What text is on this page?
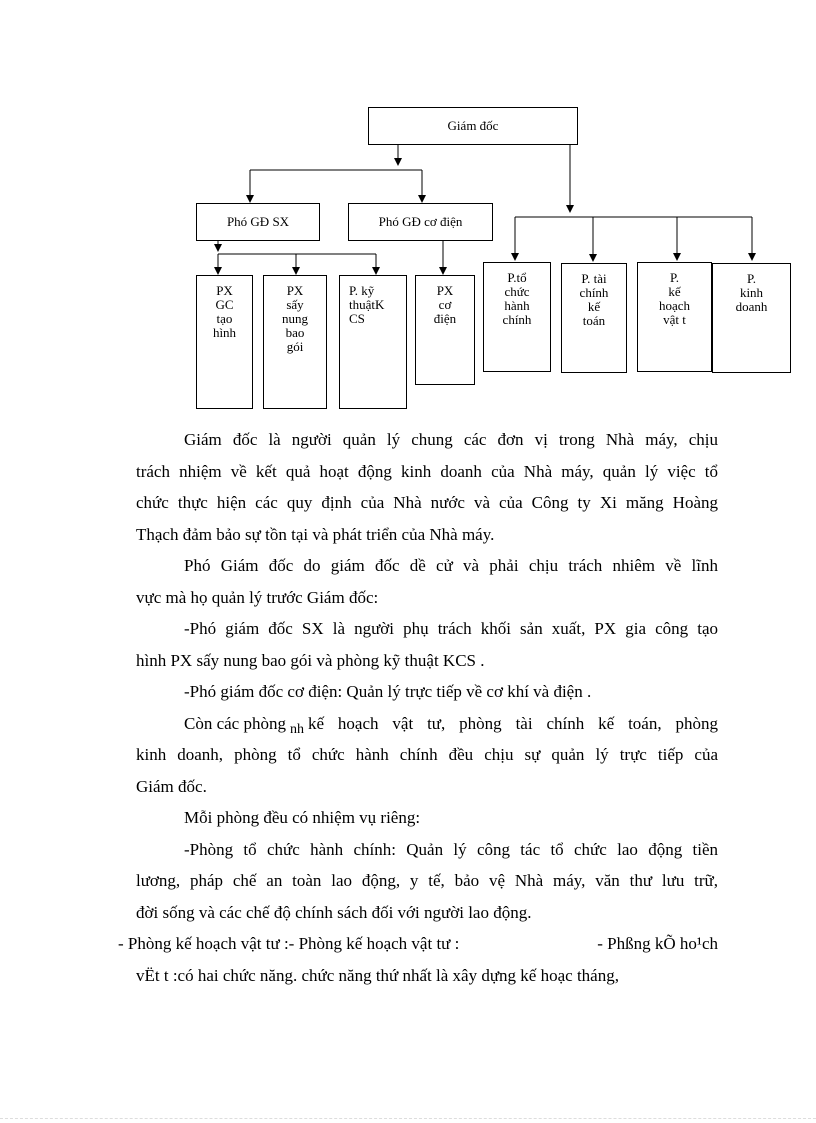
Giám đốc
Phó GĐ SX	Phó GĐ cơ điện
PX
GC
tạo
hình
PX
sấy
nung
bao
gói
P. kỹ
thuậtK
CS
PX
cơ
điện
P.tổ
chức
hành
chính
P. tài
chính
kế
toán
P.
kế
hoạch
vật t
P.
kinh
doanh
Giám đốc là người quản lý chung các đơn vị trong Nhà máy, chịu
trách nhiệm về kết quả hoạt động kinh doanh của Nhà máy, quản lý việc tổ
chức thực hiện các quy định của Nhà nước và của Công ty Xi măng Hoàng
Thạch đảm bảo sự tồn tại và phát triển của Nhà máy.
Phó Giám đốc do giám đốc dề cử và phải chịu trách nhiêm về lĩnh
vực mà họ quản lý trước Giám đốc:
-Phó giám đốc SX là người phụ trách khối sản xuất, PX gia công tạo
hình PX sấy nung bao gói và phòng kỹ thuật KCS .
-Phó giám đốc cơ điện: Quản lý trực tiếp về cơ khí và điện .
Còn các phòng nh kế hoạch vật tư, phòng tài chính kế toán, phòng
kinh doanh, phòng tổ chức hành chính đều chịu sự quản lý trực tiếp của
Giám đốc.
Mỗi phòng đều có nhiệm vụ riêng:
-Phòng tổ chức hành chính: Quản lý công tác tổ chức lao động tiền
lương, pháp chế an toàn lao động, y tế, bảo vệ Nhà máy, văn thư lưu trữ,
đời sống và các chế độ chính sách đối với người lao động.
- Phòng kế hoạch vật tư :- Phòng kế hoạch vật tư :	- Phßng kÕ ho¹ch
vËt t :có hai chức năng. chức năng thứ nhất là xây dựng kế hoạc tháng,
